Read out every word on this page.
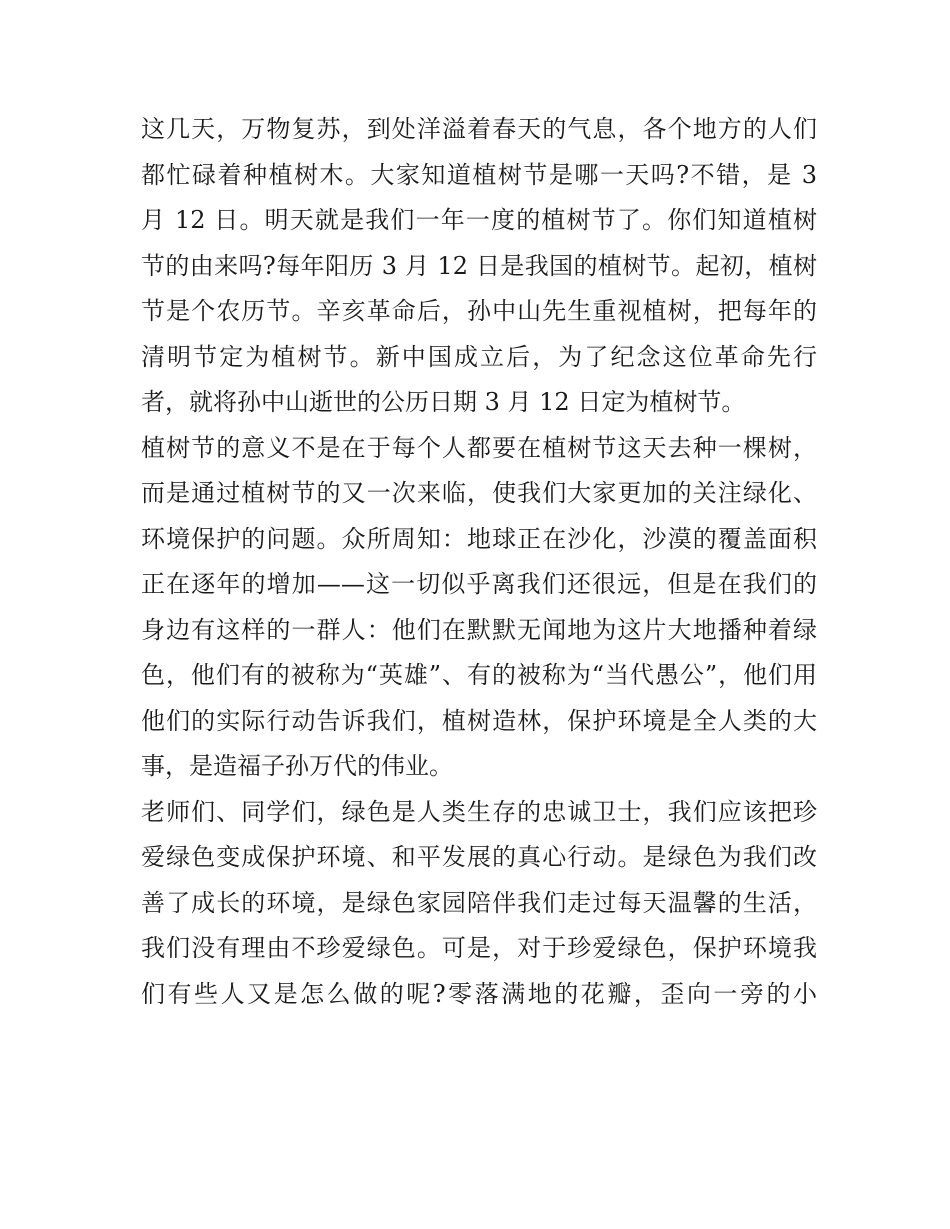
这几天，万物复苏，到处洋溢着春天的气息，各个地方的人们
都忙碌着种植树木。大家知道植树节是哪一天吗?不错，是 3
月 12 日。明天就是我们一年一度的植树节了。你们知道植树
节的由来吗?每年阳历 3 月 12 日是我国的植树节。起初，植树
节是个农历节。辛亥革命后，孙中山先生重视植树，把每年的
清明节定为植树节。新中国成立后，为了纪念这位革命先行
者，就将孙中山逝世的公历日期 3 月 12 日定为植树节。
植树节的意义不是在于每个人都要在植树节这天去种一棵树，
而是通过植树节的又一次来临，使我们大家更加的关注绿化、
环境保护的问题。众所周知：地球正在沙化，沙漠的覆盖面积
正在逐年的增加——这一切似乎离我们还很远，但是在我们的
身边有这样的一群人：他们在默默无闻地为这片大地播种着绿
色，他们有的被称为“英雄”、有的被称为“当代愚公”，他们用
他们的实际行动告诉我们，植树造林，保护环境是全人类的大
事，是造福子孙万代的伟业。
老师们、同学们，绿色是人类生存的忠诚卫士，我们应该把珍
爱绿色变成保护环境、和平发展的真心行动。是绿色为我们改
善了成长的环境，是绿色家园陪伴我们走过每天温馨的生活，
我们没有理由不珍爱绿色。可是，对于珍爱绿色，保护环境我
们有些人又是怎么做的呢?零落满地的花瓣，歪向一旁的小
